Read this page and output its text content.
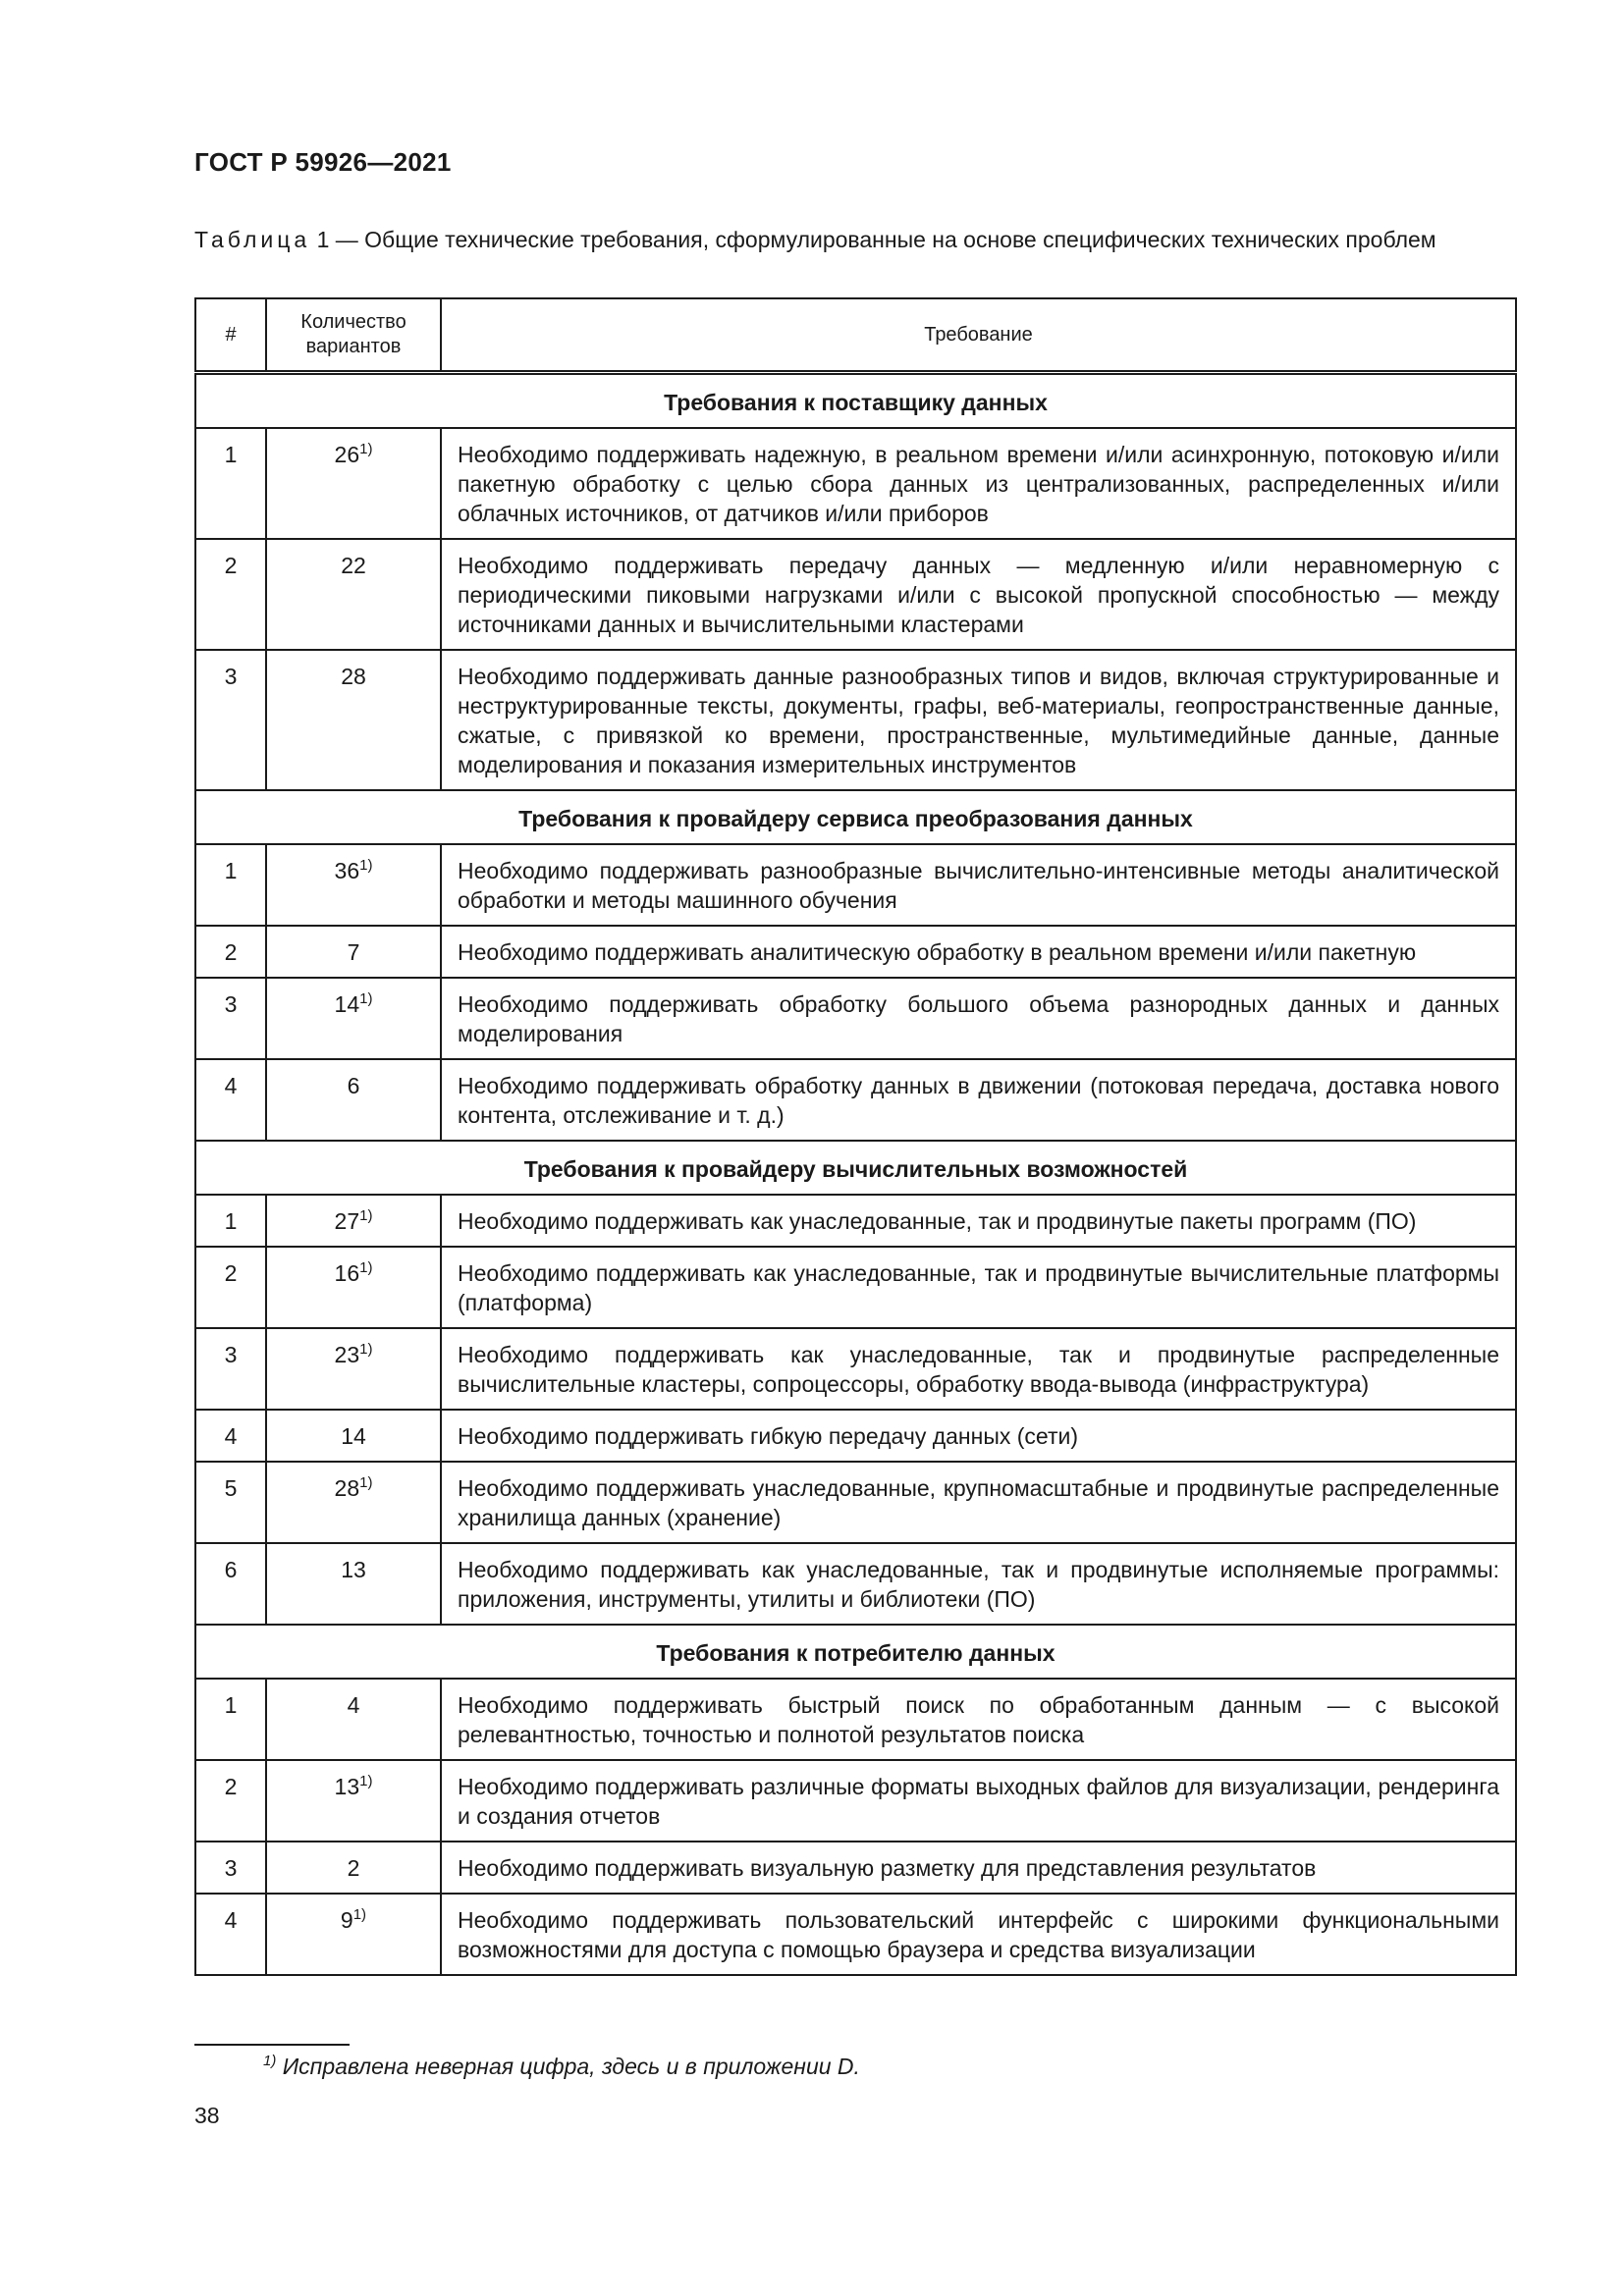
ГОСТ Р 59926—2021
Таблица 1 — Общие технические требования, сформулированные на основе специфических технических проблем
#	Количество вариантов	Требование
Требования к поставщику данных		
1	26$^{1)}$	Необходимо поддерживать надежную, в реальном времени и/или асинхронную, потоковую и/или пакетную обработку с целью сбора данных из централизованных, распределенных и/или облачных источников, от датчиков и/или приборов
2	22	Необходимо поддерживать передачу данных — медленную и/или неравномерную с периодическими пиковыми нагрузками и/или с высокой пропускной способностью — между источниками данных и вычислительными кластерами
3	28	Необходимо поддерживать данные разнообразных типов и видов, включая структурированные и неструктурированные тексты, документы, графы, веб-материалы, геопространственные данные, сжатые, с привязкой ко времени, пространственные, мультимедийные данные, данные моделирования и показания измерительных инструментов
Требования к провайдеру сервиса преобразования данных		
1	36$^{1)}$	Необходимо поддерживать разнообразные вычислительно-интенсивные методы аналитической обработки и методы машинного обучения
2	7	Необходимо поддерживать аналитическую обработку в реальном времени и/или пакетную
3	14$^{1)}$	Необходимо поддерживать обработку большого объема разнородных данных и данных моделирования
4	6	Необходимо поддерживать обработку данных в движении (потоковая передача, доставка нового контента, отслеживание и т. д.)
Требования к провайдеру вычислительных возможностей		
1	27$^{1)}$	Необходимо поддерживать как унаследованные, так и продвинутые пакеты программ (ПО)
2	16$^{1)}$	Необходимо поддерживать как унаследованные, так и продвинутые вычислительные платформы (платформа)
3	23$^{1)}$	Необходимо поддерживать как унаследованные, так и продвинутые распределенные вычислительные кластеры, сопроцессоры, обработку ввода-вывода (инфраструктура)
4	14	Необходимо поддерживать гибкую передачу данных (сети)
5	28$^{1)}$	Необходимо поддерживать унаследованные, крупномасштабные и продвинутые распределенные хранилища данных (хранение)
6	13	Необходимо поддерживать как унаследованные, так и продвинутые исполняемые программы: приложения, инструменты, утилиты и библиотеки (ПО)
Требования к потребителю данных		
1	4	Необходимо поддерживать быстрый поиск по обработанным данным — с высокой релевантностью, точностью и полнотой результатов поиска
2	13$^{1)}$	Необходимо поддерживать различные форматы выходных файлов для визуализации, рендеринга и создания отчетов
3	2	Необходимо поддерживать визуальную разметку для представления результатов
4	9$^{1)}$	Необходимо поддерживать пользовательский интерфейс с широкими функциональными возможностями для доступа с помощью браузера и средства визуализации
$^{1)}$ Исправлена неверная цифра, здесь и в приложении D.
38
